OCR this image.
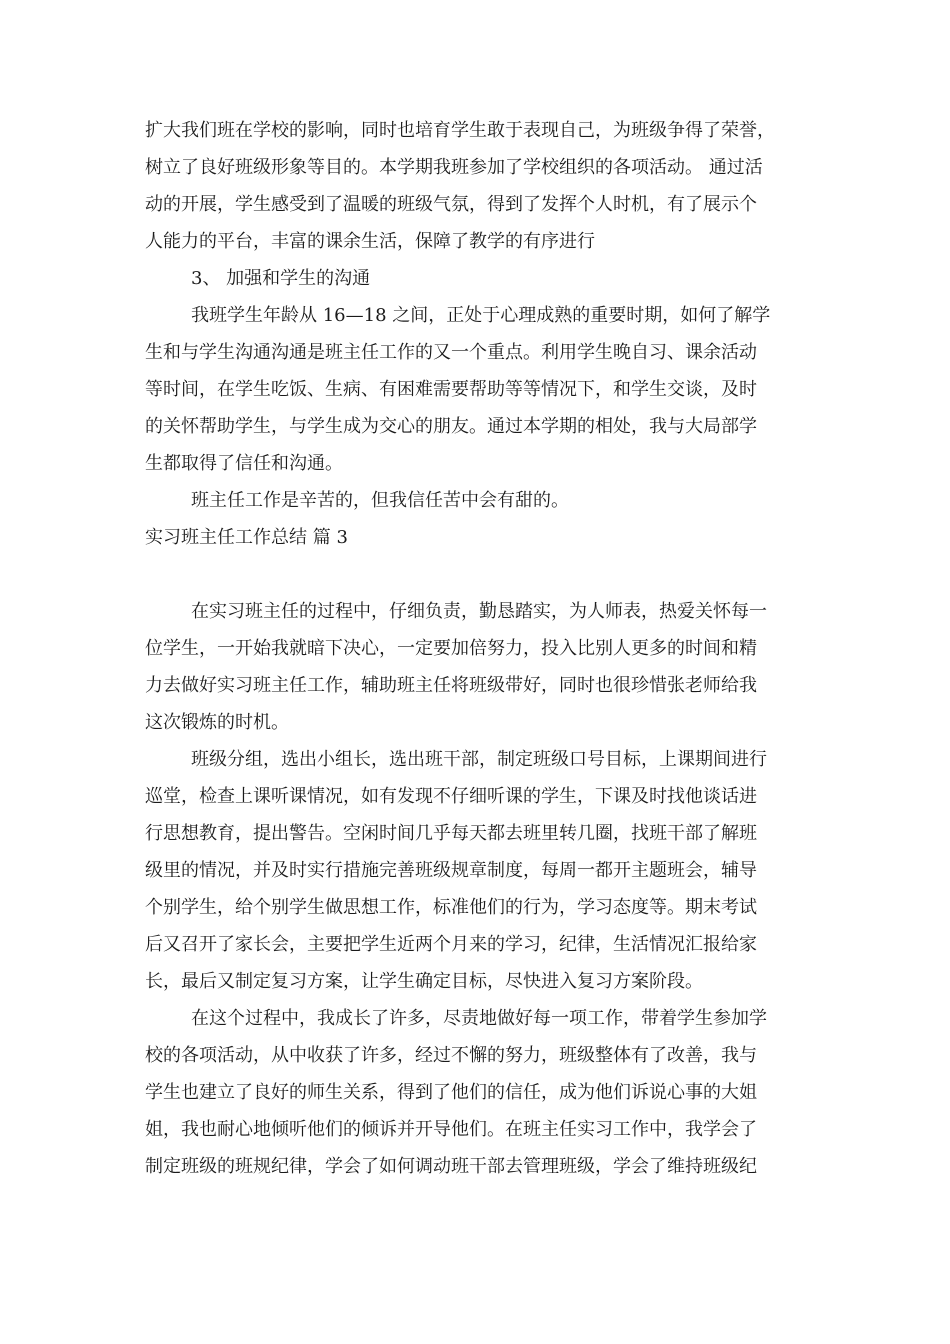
扩大我们班在学校的影响，同时也培育学生敢于表现自己，为班级争得了荣誉，
树立了良好班级形象等目的。本学期我班参加了学校组织的各项活动。 通过活
动的开展，学生感受到了温暖的班级气氛，得到了发挥个人时机，有了展示个
人能力的平台，丰富的课余生活，保障了教学的有序进行
3、 加强和学生的沟通
我班学生年龄从 16—18 之间，正处于心理成熟的重要时期，如何了解学
生和与学生沟通沟通是班主任工作的又一个重点。利用学生晚自习、课余活动
等时间，在学生吃饭、生病、有困难需要帮助等等情况下，和学生交谈，及时
的关怀帮助学生，与学生成为交心的朋友。通过本学期的相处，我与大局部学
生都取得了信任和沟通。
班主任工作是辛苦的，但我信任苦中会有甜的。
实习班主任工作总结 篇 3
在实习班主任的过程中，仔细负责，勤恳踏实，为人师表，热爱关怀每一
位学生，一开始我就暗下决心，一定要加倍努力，投入比别人更多的时间和精
力去做好实习班主任工作，辅助班主任将班级带好，同时也很珍惜张老师给我
这次锻炼的时机。
班级分组，选出小组长，选出班干部，制定班级口号目标，上课期间进行
巡堂，检查上课听课情况，如有发现不仔细听课的学生，下课及时找他谈话进
行思想教育，提出警告。空闲时间几乎每天都去班里转几圈，找班干部了解班
级里的情况，并及时实行措施完善班级规章制度，每周一都开主题班会，辅导
个别学生，给个别学生做思想工作，标准他们的行为，学习态度等。期末考试
后又召开了家长会，主要把学生近两个月来的学习，纪律，生活情况汇报给家
长，最后又制定复习方案，让学生确定目标，尽快进入复习方案阶段。
在这个过程中，我成长了许多，尽责地做好每一项工作，带着学生参加学
校的各项活动，从中收获了许多，经过不懈的努力，班级整体有了改善，我与
学生也建立了良好的师生关系，得到了他们的信任，成为他们诉说心事的大姐
姐，我也耐心地倾听他们的倾诉并开导他们。在班主任实习工作中，我学会了
制定班级的班规纪律，学会了如何调动班干部去管理班级，学会了维持班级纪
